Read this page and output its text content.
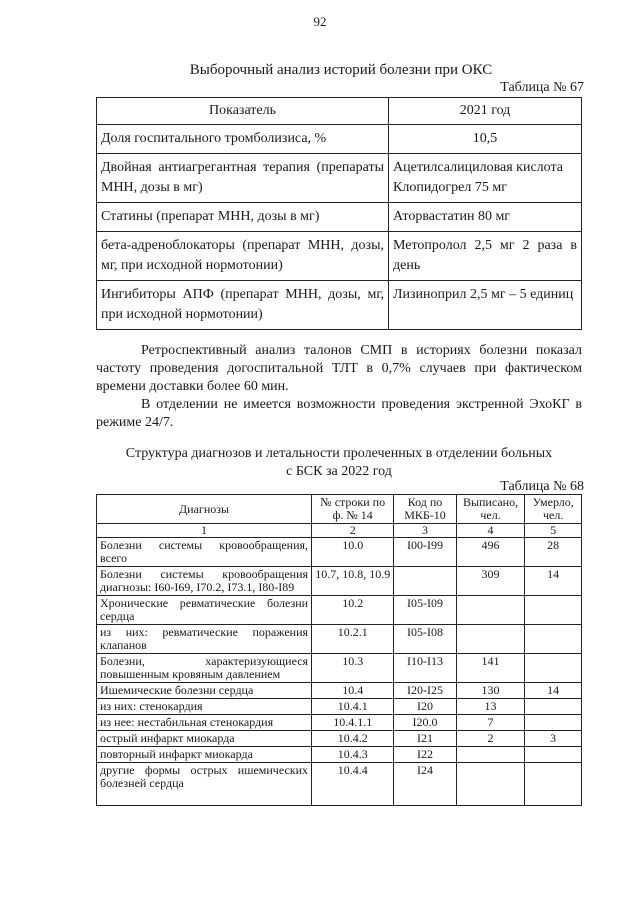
92
Выборочный анализ историй болезни при ОКС
Таблица № 67
Показатель	2021 год
Доля госпитального тромболизиса, %	10,5
Двойная антиагрегантная терапия (препараты МНН, дозы в мг)	Ацетилсалициловая кислота Клопидогрел 75 мг
Статины (препарат МНН, дозы в мг)	Аторвастатин 80 мг
бета-адреноблокаторы (препарат МНН, дозы, мг, при исходной нормотонии)	Метопролол 2,5 мг 2 раза в день
Ингибиторы АПФ (препарат МНН, дозы, мг, при исходной нормотонии)	Лизиноприл 2,5 мг – 5 единиц
Ретроспективный анализ талонов СМП в историях болезни показал частоту проведения догоспитальной ТЛТ в 0,7% случаев при фактическом времени доставки более 60 мин.
В отделении не имеется возможности проведения экстренной ЭхоКГ в режиме 24/7.
Структура диагнозов и летальности пролеченных в отделении больных
с БСК за 2022 год
Таблица № 68
Диагнозы	№ строки по ф. № 14	Код по МКБ-10	Выписано, чел.	Умерло, чел.
1	2	3	4	5
Болезни системы кровообращения, всего	10.0	I00-I99	496	28
Болезни системы кровообращения диагнозы: I60-I69, I70.2, I73.1, I80-I89	10.7, 10.8, 10.9		309	14
Хронические ревматические болезни сердца	10.2	I05-I09		
из них: ревматические поражения клапанов	10.2.1	I05-I08		
Болезни, характеризующиеся повышенным кровяным давлением	10.3	I10-I13	141	
Ишемические болезни сердца	10.4	I20-I25	130	14
из них: стенокардия	10.4.1	I20	13	
из нее: нестабильная стенокардия	10.4.1.1	I20.0	7	
острый инфаркт миокарда	10.4.2	I21	2	3
повторный инфаркт миокарда	10.4.3	I22		
другие формы острых ишемических болезней сердца	10.4.4	I24		
